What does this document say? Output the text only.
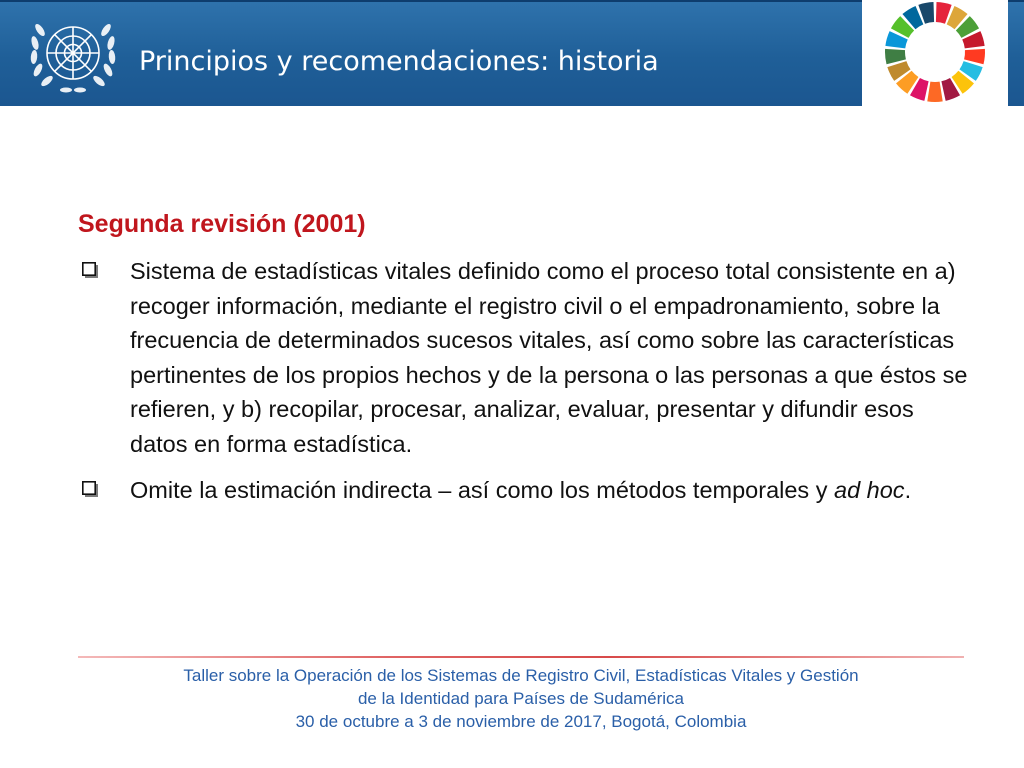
Principios y recomendaciones: historia
Segunda revisión (2001)
Sistema de estadísticas vitales definido como el proceso total consistente en a) recoger información, mediante el registro civil o el empadronamiento, sobre la frecuencia de determinados sucesos vitales, así como sobre las características pertinentes de los propios hechos y de la persona o las personas a que éstos se refieren, y b) recopilar, procesar, analizar, evaluar, presentar y difundir esos datos en forma estadística.
Omite la estimación indirecta – así como los métodos temporales y ad hoc.
Taller sobre la Operación de los Sistemas de Registro Civil, Estadísticas Vitales y Gestión
de la Identidad para Países de Sudamérica
30 de octubre a 3 de noviembre de 2017, Bogotá, Colombia
